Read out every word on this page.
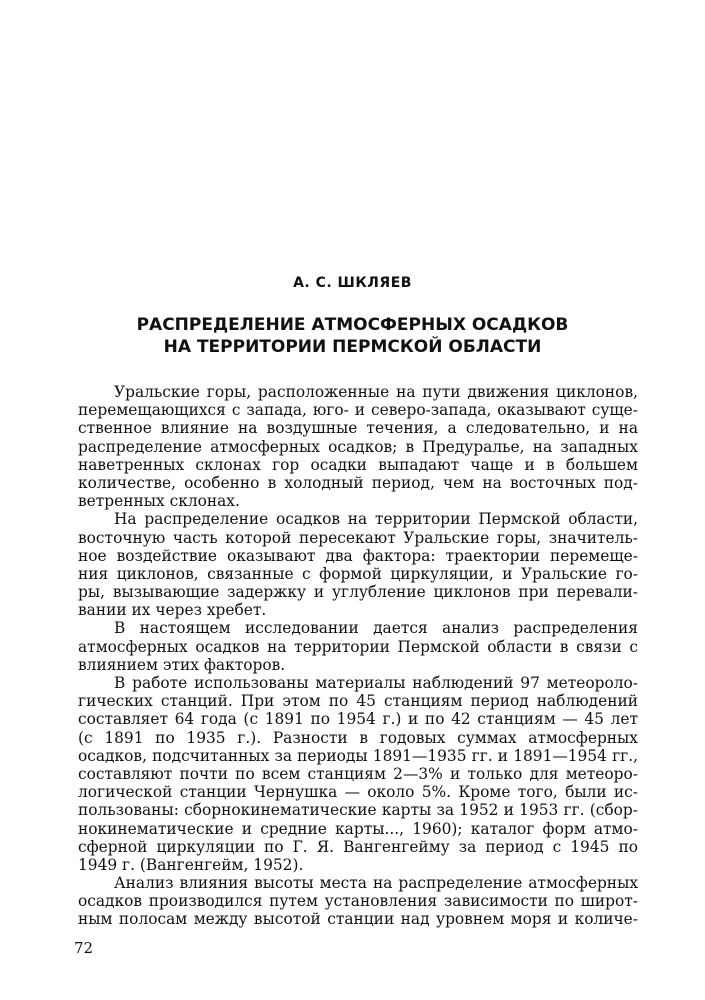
А. С. ШКЛЯЕВ
РАСПРЕДЕЛЕНИЕ АТМОСФЕРНЫХ ОСАДКОВ
НА ТЕРРИТОРИИ ПЕРМСКОЙ ОБЛАСТИ
Уральские горы, расположенные на пути движения циклонов,
перемещающихся с запада, юго- и северо-запада, оказывают суще-
ственное влияние на воздушные течения, а следовательно, и на
распределение атмосферных осадков; в Предуралье, на западных
наветренных склонах гор осадки выпадают чаще и в большем
количестве, особенно в холодный период, чем на восточных под-
ветренных склонах.
На распределение осадков на территории Пермской области,
восточную часть которой пересекают Уральские горы, значитель-
ное воздействие оказывают два фактора: траектории перемеще-
ния циклонов, связанные с формой циркуляции, и Уральские го-
ры, вызывающие задержку и углубление циклонов при перевали-
вании их через хребет.
В настоящем исследовании дается анализ распределения
атмосферных осадков на территории Пермской области в связи с
влиянием этих факторов.
В работе использованы материалы наблюдений 97 метеороло-
гических станций. При этом по 45 станциям период наблюдений
составляет 64 года (с 1891 по 1954 г.) и по 42 станциям — 45 лет
(с 1891 по 1935 г.). Разности в годовых суммах атмосферных
осадков, подсчитанных за периоды 1891—1935 гг. и 1891—1954 гг.,
составляют почти по всем станциям 2—3% и только для метеоро-
логической станции Чернушка — около 5%. Кроме того, были ис-
пользованы: сборнокинематические карты за 1952 и 1953 гг. (сбор-
нокинематические и средние карты..., 1960); каталог форм атмо-
сферной циркуляции по Г. Я. Вангенгейму за период с 1945 по
1949 г. (Вангенгейм, 1952).
Анализ влияния высоты места на распределение атмосферных
осадков производился путем установления зависимости по широт-
ным полосам между высотой станции над уровнем моря и количе-
72
